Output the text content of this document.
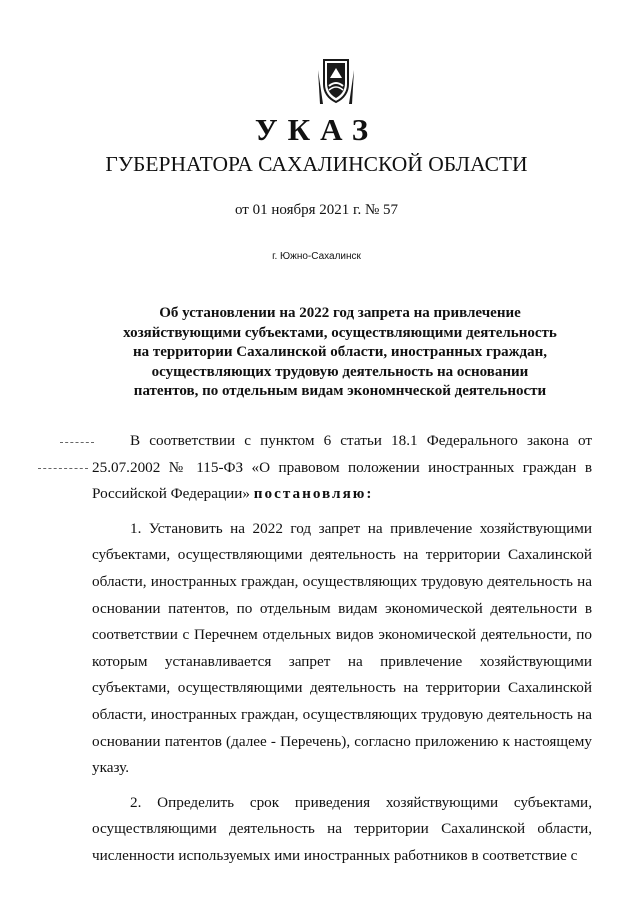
УКАЗ
ГУБЕРНАТОРА САХАЛИНСКОЙ ОБЛАСТИ
от 01 ноября 2021 г. № 57
г. Южно-Сахалинск
Об установлении на 2022 год запрета на привлечение
хозяйствующими субъектами, осуществляющими деятельность
на территории Сахалинской области, иностранных граждан,
осуществляющих трудовую деятельность на основании
патентов, по отдельным видам экономнческой деятельности

В соответствии с пунктом 6 статьи 18.1 Федерального закона от 25.07.2002 № 115-ФЗ «О правовом положении иностранных граждан в Российской Федерации» постановляю:

1. Установить на 2022 год запрет на привлечение хозяйствующими субъектами, осуществляющими деятельность на территории Сахалинской области, иностранных граждан, осуществляющих трудовую деятельность на основании патентов, по отдельным видам экономической деятельности в соответствии с Перечнем отдельных видов экономической деятельности, по которым устанавливается запрет на привлечение хозяйствующими субъектами, осуществляющими деятельность на территории Сахалинской области, иностранных граждан, осуществляющих трудовую деятельность на основании патентов (далее - Перечень), согласно приложению к настоящему указу.

2. Определить срок приведения хозяйствующими субъектами, осуществляющими деятельность на территории Сахалинской области, численности используемых ими иностранных работников в соответствие с
